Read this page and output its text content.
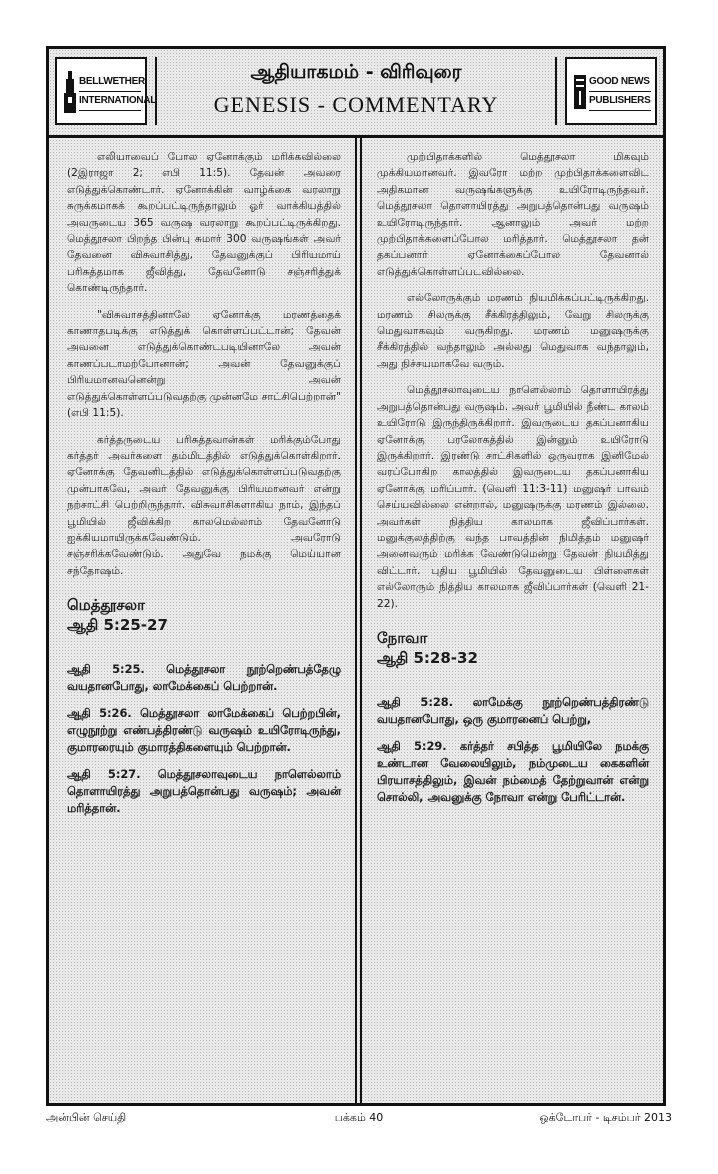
BELLWETHER
INTERNATIONAL
ஆதியாகமம் - விரிவுரை
GENESIS - COMMENTARY
GOOD NEWS
PUBLISHERS

எலியாவைப் போல ஏனோக்கும் மரிக்கவில்லை (2இராஜா 2; எபி 11:5). தேவன் அவரை எடுத்துக்கொண்டார். ஏனோக்கின் வாழ்க்கை வரலாறு சுருக்கமாகக் கூறப்பட்டிருந்தாலும் ஓர் வாக்கியத்தில் அவருடைய 365 வருஷ வரலாறு கூறப்பட்டிருக்கிறது. மெத்தூசலா பிறந்த பின்பு சுமார் 300 வருஷங்கள் அவர் தேவனை விசுவாசித்து, தேவனுக்குப் பிரியமாய் பரிசுத்தமாக ஜீவித்து, தேவனோடு சஞ்சரித்துக் கொண்டிருந்தார்.

"விசுவாசத்தினாலே ஏனோக்கு மரணத்தைக் காணாதபடிக்கு எடுத்துக் கொள்ளப்பட்டான்; தேவன் அவனை எடுத்துக்கொண்டபடியினாலே அவன் காணப்படாமற்போனான்; அவன் தேவனுக்குப் பிரியமானவனென்று அவன் எடுத்துக்கொள்ளப்படுவதற்கு முன்னமே சாட்சிபெற்றான்" (எபி 11:5).

கர்த்தருடைய பரிசுத்தவான்கள் மரிக்கும்போது கர்த்தர் அவர்களை தம்மிடத்தில் எடுத்துக்கொள்கிறார். ஏனோக்கு தேவனிடத்தில் எடுத்துக்கொள்ளப்படுவதற்கு முன்பாகவே, அவர் தேவனுக்கு பிரியமானவர் என்று நற்சாட்சி பெற்றிருந்தார். விசுவாசிகளாகிய நாம், இந்தப் பூமியில் ஜீவிக்கிற காலமெல்லாம் தேவனோடு ஐக்கியமாயிருக்கவேண்டும். அவரோடு சஞ்சரிக்கவேண்டும். அதுவே நமக்கு மெய்யான சந்தோஷம்.

மெத்தூசலா
ஆதி 5:25-27

ஆதி 5:25. மெத்தூசலா நூற்றெண்பத்தேழு வயதானபோது, லாமேக்கைப் பெற்றான்.

ஆதி 5:26. மெத்தூசலா லாமேக்கைப் பெற்றபின், எழுநூற்று எண்பத்திரண்டு வருஷம் உயிரோடிருந்து, குமாரரையும் குமாரத்திகளையும் பெற்றான்.

ஆதி 5:27. மெத்தூசலாவுடைய நாளெல்லாம் தொளாயிரத்து அறுபத்தொன்பது வருஷம்; அவன் மரித்தான்.

முற்பிதாக்களில் மெத்தூசலா மிகவும் முக்கியமானவர். இவரோ மற்ற முற்பிதாக்களைவிட அதிகமான வருஷங்களுக்கு உயிரோடிருந்தவர். மெத்தூசலா தொளாயிரத்து அறுபத்தொன்பது வருஷம் உயிரோடிருந்தார். ஆனாலும் அவர் மற்ற முற்பிதாக்களைப்போல மரித்தார். மெத்தூசலா தன் தகப்பனார் ஏனோக்கைப்போல தேவனால் எடுத்துக்கொள்ளப்படவில்லை.

எல்லோருக்கும் மரணம் நியமிக்கப்பட்டிருக்கிறது. மரணம் சிலருக்கு சீக்கிரத்திலும், வேறு சிலருக்கு மெதுவாகவும் வருகிறது. மரணம் மனுஷருக்கு சீக்கிரத்தில் வந்தாலும் அல்லது மெதுவாக வந்தாலும், அது நிச்சயமாகவே வரும்.

மெத்தூசலாவுடைய நாளெல்லாம் தொளாயிரத்து அறுபத்தொன்பது வருஷம். அவர் பூமியில் நீண்ட காலம் உயிரோடு இருந்திருக்கிறார். இவருடைய தகப்பனாகிய ஏனோக்கு பரலோகத்தில் இன்னும் உயிரோடு இருக்கிறார். இரண்டு சாட்சிகளில் ஒருவராக இனிமேல் வரப்போகிற காலத்தில் இவருடைய தகப்பனாகிய ஏனோக்கு மரிப்பார். (வெளி 11:3-11) மனுஷர் பாவம் செய்யவில்லை என்றால், மனுஷருக்கு மரணம் இல்லை. அவர்கள் நித்திய காலமாக ஜீவிப்பார்கள். மனுக்குலத்திற்கு வந்த பாவத்தின் நிமித்தம் மனுஷர் அனைவரும் மரிக்க வேண்டுமென்று தேவன் நியமித்து விட்டார். புதிய பூமியில் தேவனுடைய பிள்ளைகள் எல்லோரும் நித்திய காலமாக ஜீவிப்பார்கள் (வெளி 21-22).

நோவா
ஆதி 5:28-32

ஆதி 5:28. லாமேக்கு நூற்றெண்பத்திரண்டு வயதானபோது, ஒரு குமாரனைப் பெற்று,

ஆதி 5:29. கர்த்தர் சபித்த பூமியிலே நமக்கு உண்டான வேலையிலும், நம்முடைய கைகளின் பிரயாசத்திலும், இவன் நம்மைத் தேற்றுவான் என்று சொல்லி, அவனுக்கு நோவா என்று பேரிட்டான்.

அன்பின் செய்தி	பக்கம் 40	ஒக்டோபர் - டிசம்பர் 2013
